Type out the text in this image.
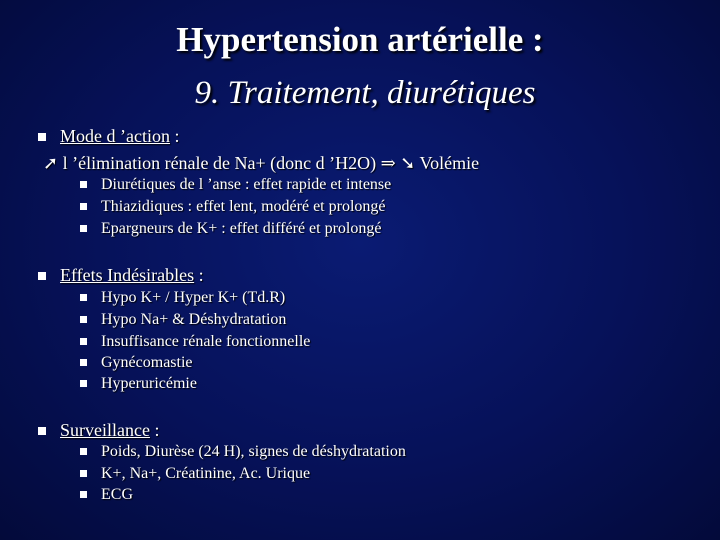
Hypertension artérielle :
9. Traitement, diurétiques
Mode d ’action :
➚ l ’élimination rénale de Na+ (donc d ’H2O) ⇒ ➘ Volémie
Diurétiques de l ’anse : effet rapide et intense
Thiazidiques : effet lent, modéré et prolongé
Epargneurs de K+ : effet différé et prolongé
Effets Indésirables :
Hypo K+ / Hyper K+ (Td.R)
Hypo Na+ & Déshydratation
Insuffisance rénale fonctionnelle
Gynécomastie
Hyperuricémie
Surveillance :
Poids, Diurèse (24 H), signes de déshydratation
K+, Na+, Créatinine, Ac. Urique
ECG
